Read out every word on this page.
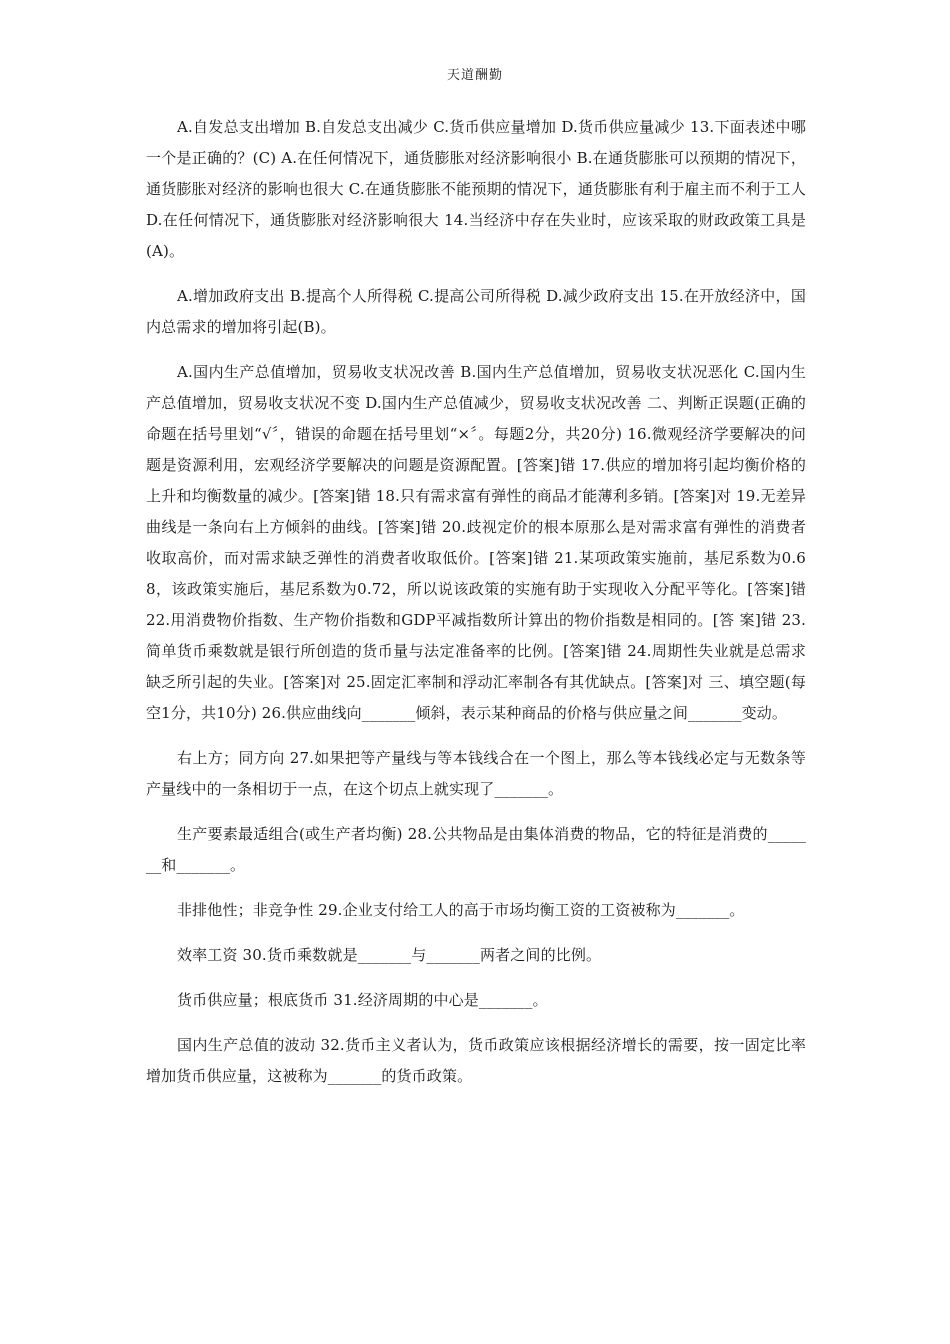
天道酬勤

A.自发总支出增加 B.自发总支出减少 C.货币供应量增加 D.货币供应量减少 13.下面表述中哪一个是正确的？(C) A.在任何情况下，通货膨胀对经济影响很小 B.在通货膨胀可以预期的情况下，通货膨胀对经济的影响也很大 C.在通货膨胀不能预期的情况下，通货膨胀有利于雇主而不利于工人 D.在任何情况下，通货膨胀对经济影响很大 14.当经济中存在失业时，应该采取的财政政策工具是(A)。

A.增加政府支出 B.提高个人所得税 C.提高公司所得税 D.减少政府支出 15.在开放经济中，国内总需求的增加将引起(B)。

A.国内生产总值增加，贸易收支状况改善 B.国内生产总值增加，贸易收支状况恶化 C.国内生产总值增加，贸易收支状况不变 D.国内生产总值减少，贸易收支状况改善 二、判断正误题(正确的命题在括号里划“√〞，错误的命题在括号里划“×〞。每题2分，共20分) 16.微观经济学要解决的问题是资源利用，宏观经济学要解决的问题是资源配置。[答案]错 17.供应的增加将引起均衡价格的上升和均衡数量的减少。[答案]错 18.只有需求富有弹性的商品才能薄利多销。[答案]对 19.无差异曲线是一条向右上方倾斜的曲线。[答案]错 20.歧视定价的根本原那么是对需求富有弹性的消费者收取高价，而对需求缺乏弹性的消费者收取低价。[答案]错 21.某项政策实施前，基尼系数为0.68，该政策实施后，基尼系数为0.72，所以说该政策的实施有助于实现收入分配平等化。[答案]错 22.用消费物价指数、生产物价指数和GDP平减指数所计算出的物价指数是相同的。[答 案]错 23.简单货币乘数就是银行所创造的货币量与法定准备率的比例。[答案]错 24.周期性失业就是总需求缺乏所引起的失业。[答案]对 25.固定汇率制和浮动汇率制各有其优缺点。[答案]对 三、填空题(每空1分，共10分) 26.供应曲线向_______倾斜，表示某种商品的价格与供应量之间_______变动。

右上方；同方向 27.如果把等产量线与等本钱线合在一个图上，那么等本钱线必定与无数条等产量线中的一条相切于一点，在这个切点上就实现了_______。

生产要素最适组合(或生产者均衡) 28.公共物品是由集体消费的物品，它的特征是消费的_______和_______。

非排他性；非竞争性 29.企业支付给工人的高于市场均衡工资的工资被称为_______。

效率工资 30.货币乘数就是_______与_______两者之间的比例。

货币供应量；根底货币 31.经济周期的中心是_______。

国内生产总值的波动 32.货币主义者认为，货币政策应该根据经济增长的需要，按一固定比率增加货币供应量，这被称为_______的货币政策。
